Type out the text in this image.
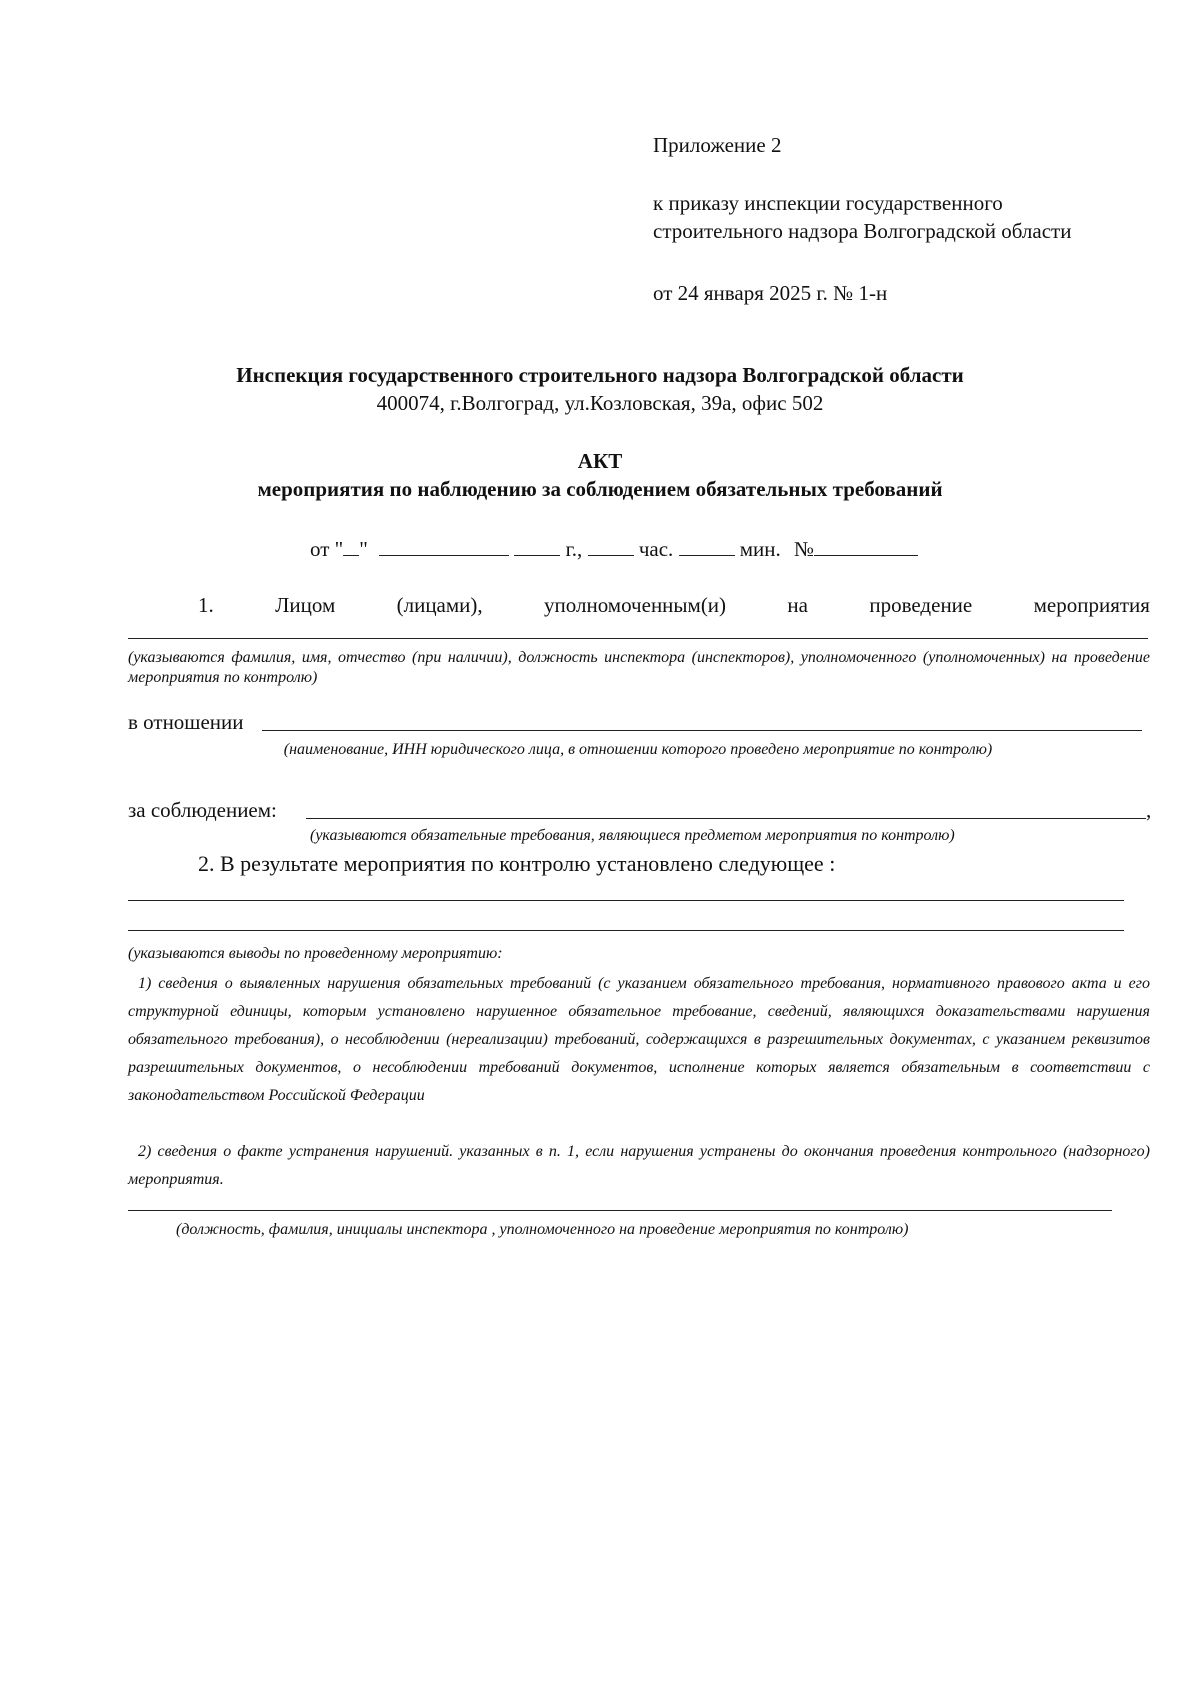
Приложение 2
к приказу инспекции государственного
строительного надзора Волгоградской области
от 24 января 2025 г. № 1-н
Инспекция государственного строительного надзора Волгоградской области
400074, г.Волгоград, ул.Козловская, 39а, офис 502
АКТ
мероприятия по наблюдению за соблюдением обязательных требований
от " "	г.,	час.	мин. №
1.	Лицом	(лицами),	уполномоченным(и)	на	проведение	мероприятия
(указываются фамилия, имя, отчество (при наличии), должность инспектора (инспекторов), уполномоченного (уполномоченных) на проведение мероприятия по контролю)
в отношении
(наименование, ИНН юридического лица, в отношении которого проведено мероприятие по контролю)
за соблюдением:	,
(указываются обязательные требования, являющиеся предметом мероприятия по контролю)
2. В результате мероприятия по контролю установлено следующее :
(указываются выводы по проведенному мероприятию:
1) сведения о выявленных нарушения обязательных требований (с указанием обязательного требования, нормативного правового акта и его структурной единицы, которым установлено нарушенное обязательное требование, сведений, являющихся доказательствами нарушения обязательного требования), о несоблюдении (нереализации) требований, содержащихся в разрешительных документах, с указанием реквизитов разрешительных документов, о несоблюдении требований документов, исполнение которых является обязательным в соответствии с законодательством Российской Федерации
2) сведения о факте устранения нарушений. указанных в п. 1, если нарушения устранены до окончания проведения контрольного (надзорного) мероприятия.
(должность, фамилия, инициалы инспектора , уполномоченного на проведение мероприятия по контролю)
